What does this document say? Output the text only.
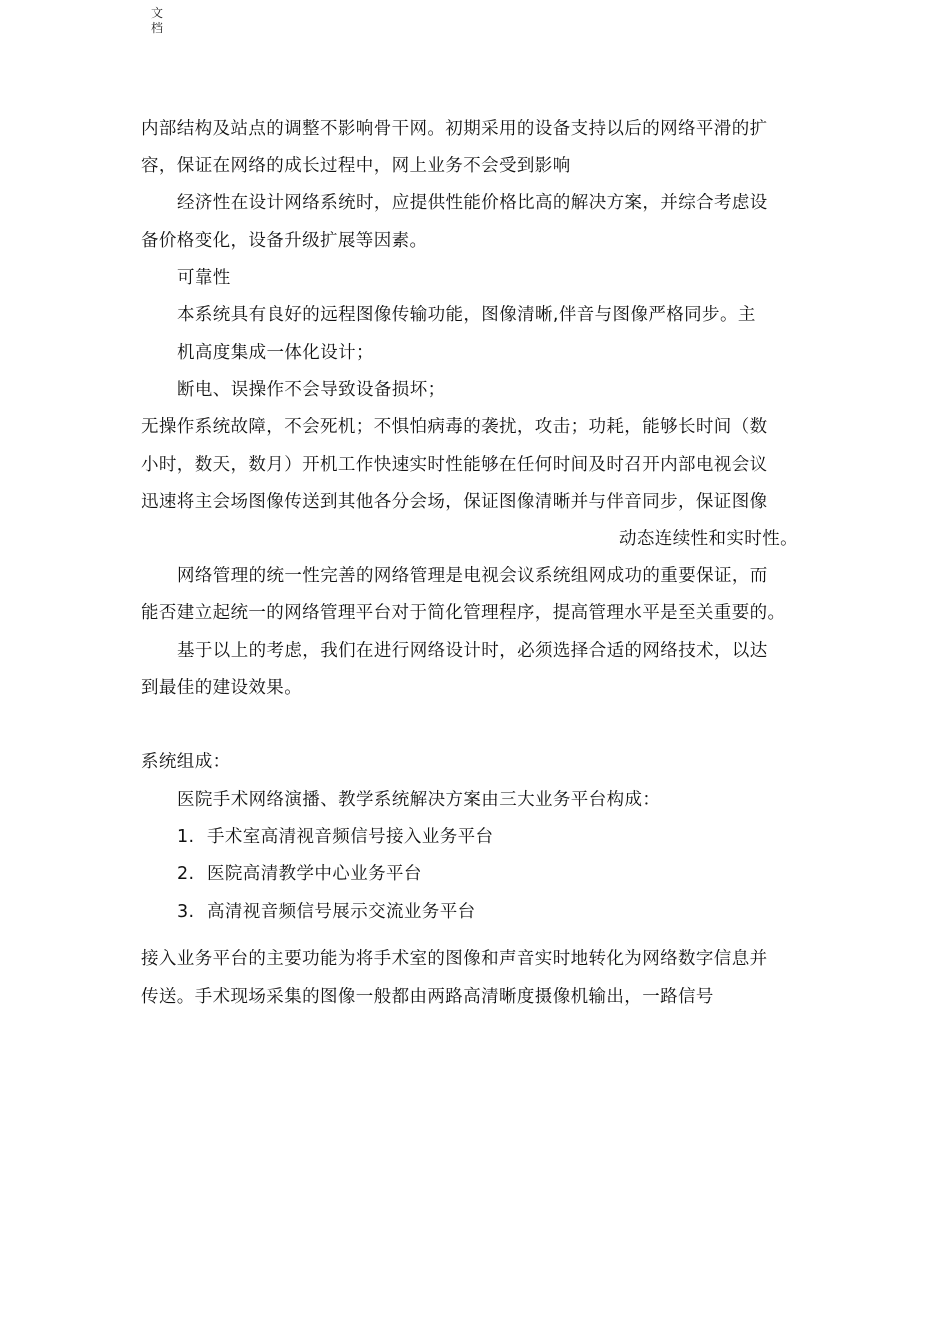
文
档
内部结构及站点的调整不影响骨干网。初期采用的设备支持以后的网络平滑的扩
容，保证在网络的成长过程中，网上业务不会受到影响
经济性在设计网络系统时，应提供性能价格比高的解决方案，并综合考虑设
备价格变化，设备升级扩展等因素。
可靠性
本系统具有良好的远程图像传输功能，图像清晰,伴音与图像严格同步。主
机高度集成一体化设计；
断电、误操作不会导致设备损坏；
无操作系统故障，不会死机；不惧怕病毒的袭扰，攻击；功耗，能够长时间（数
小时，数天，数月）开机工作快速实时性能够在任何时间及时召开内部电视会议
迅速将主会场图像传送到其他各分会场，保证图像清晰并与伴音同步，保证图像
动态连续性和实时性。
网络管理的统一性完善的网络管理是电视会议系统组网成功的重要保证，而
能否建立起统一的网络管理平台对于简化管理程序，提高管理水平是至关重要的。
基于以上的考虑，我们在进行网络设计时，必须选择合适的网络技术，以达
到最佳的建设效果。
系统组成：
医院手术网络演播、教学系统解决方案由三大业务平台构成：
1. 手术室高清视音频信号接入业务平台
2. 医院高清教学中心业务平台
3. 高清视音频信号展示交流业务平台
接入业务平台的主要功能为将手术室的图像和声音实时地转化为网络数字信息并
传送。手术现场采集的图像一般都由两路高清晰度摄像机输出，一路信号
